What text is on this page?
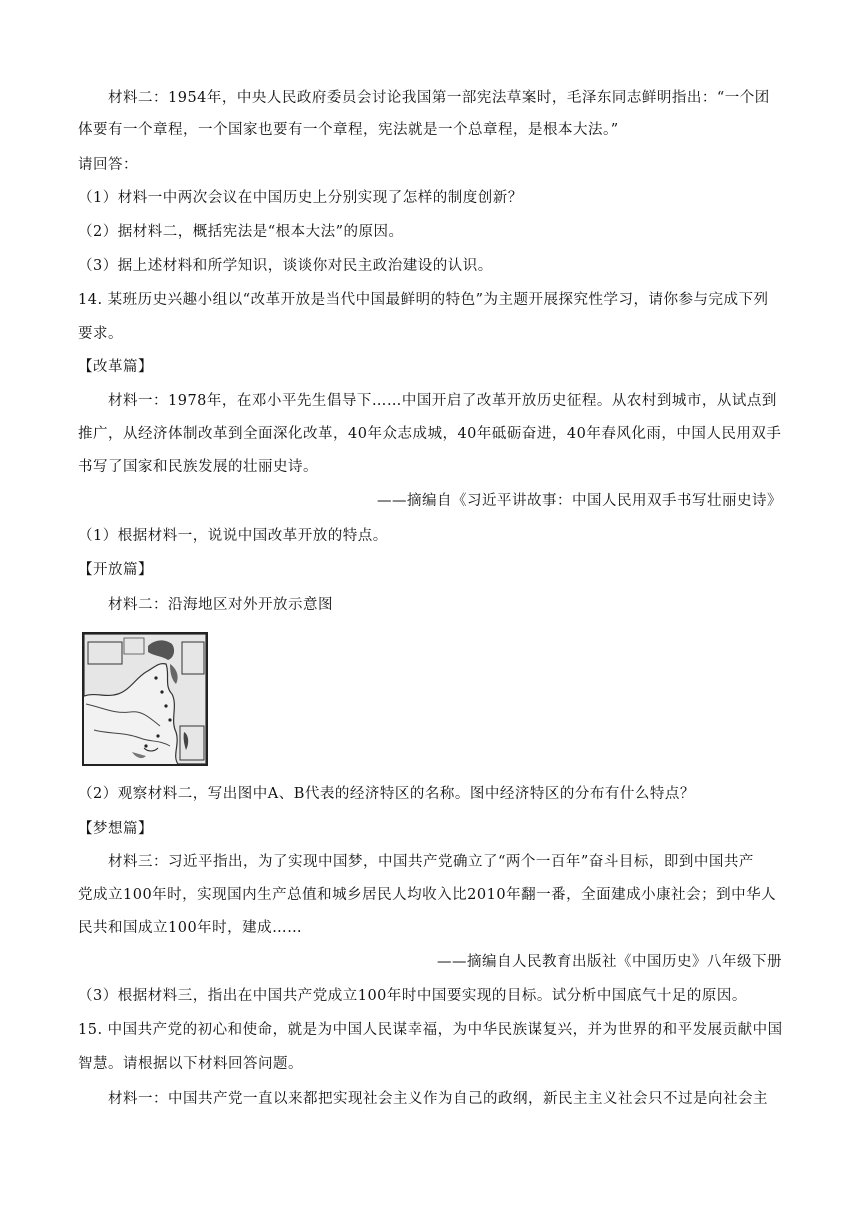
材料二：1954年，中央人民政府委员会讨论我国第一部宪法草案时，毛泽东同志鲜明指出：“一个团
体要有一个章程，一个国家也要有一个章程，宪法就是一个总章程，是根本大法。”
请回答：
（1）材料一中两次会议在中国历史上分别实现了怎样的制度创新？
（2）据材料二，概括宪法是“根本大法”的原因。
（3）据上述材料和所学知识，谈谈你对民主政治建设的认识。
14. 某班历史兴趣小组以“改革开放是当代中国最鲜明的特色”为主题开展探究性学习，请你参与完成下列
要求。
【改革篇】
材料一：1978年，在邓小平先生倡导下……中国开启了改革开放历史征程。从农村到城市，从试点到
推广，从经济体制改革到全面深化改革，40年众志成城，40年砥砺奋进，40年春风化雨，中国人民用双手
书写了国家和民族发展的壮丽史诗。
——摘编自《习近平讲故事：中国人民用双手书写壮丽史诗》
（1）根据材料一，说说中国改革开放的特点。
【开放篇】
材料二：沿海地区对外开放示意图
（2）观察材料二，写出图中A、B代表的经济特区的名称。图中经济特区的分布有什么特点？
【梦想篇】
材料三：习近平指出，为了实现中国梦，中国共产党确立了“两个一百年”奋斗目标，即到中国共产
党成立100年时，实现国内生产总值和城乡居民人均收入比2010年翻一番，全面建成小康社会；到中华人
民共和国成立100年时，建成……
——摘编自人民教育出版社《中国历史》八年级下册
（3）根据材料三，指出在中国共产党成立100年时中国要实现的目标。试分析中国底气十足的原因。
15. 中国共产党的初心和使命，就是为中国人民谋幸福，为中华民族谋复兴，并为世界的和平发展贡献中国
智慧。请根据以下材料回答问题。
材料一：中国共产党一直以来都把实现社会主义作为自己的政纲，新民主主义社会只不过是向社会主
